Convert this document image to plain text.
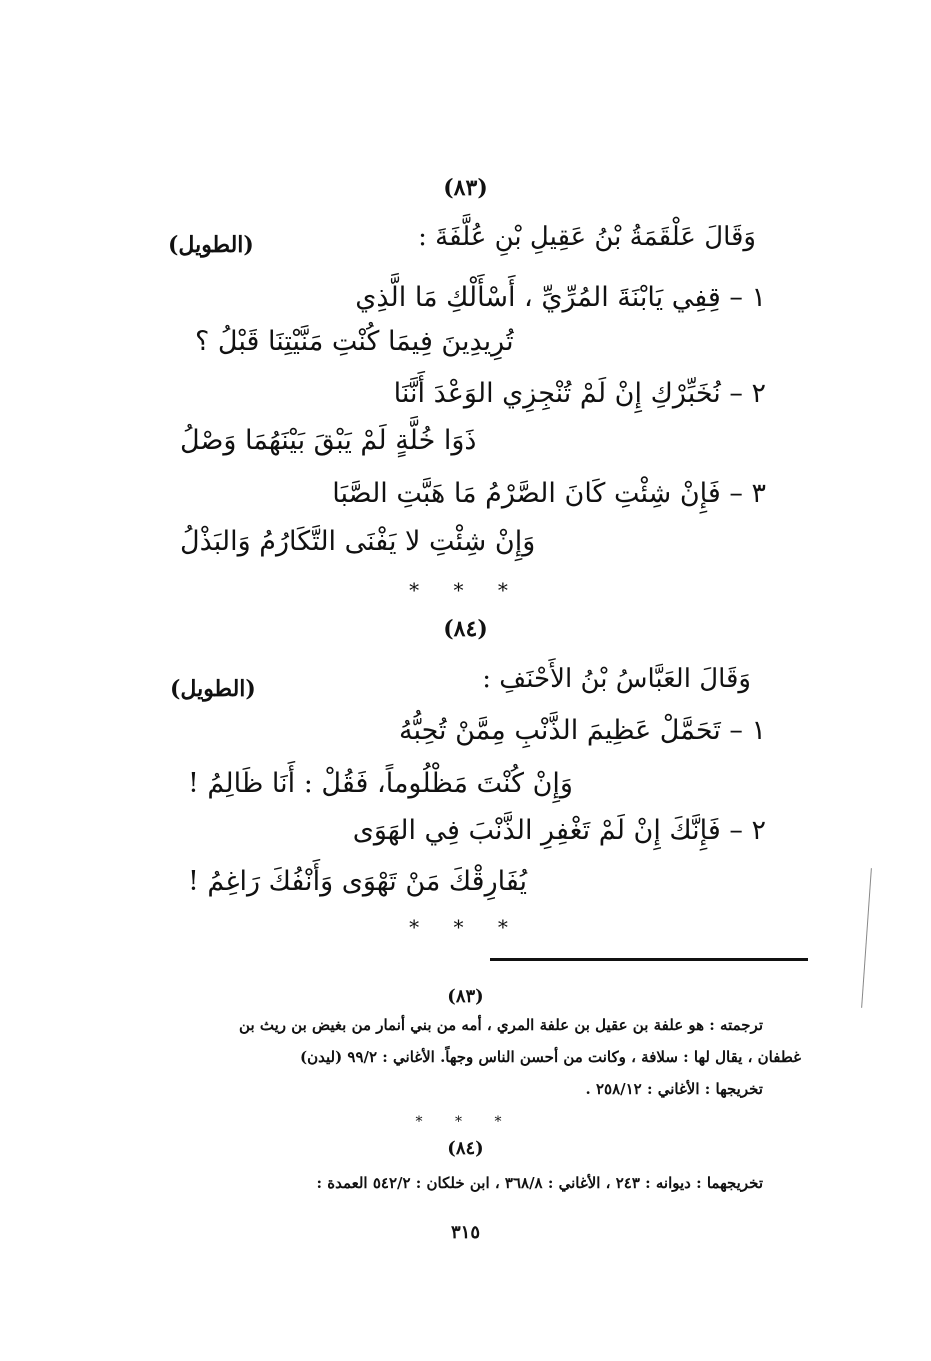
(٨٣)
وَقَالَ عَلْقَمَةُ بْنُ عَقِيلِ بْنِ عُلَّفَةَ :
(الطويل)
١ – قِفِي يَابْنَةَ المُرِّيِّ ، أَسْأَلْكِ مَا الَّذِي
تُرِيدِينَ فِيمَا كُنْتِ مَنَّيْتِنَا قَبْلُ ؟
٢ – نُخَبِّرْكِ إِنْ لَمْ تُنْجِزِي الوَعْدَ أَنَّنَا
ذَوَا خُلَّةٍ لَمْ يَبْقَ بَيْنَهُمَا وَصْلُ
٣ – فَإِنْ شِئْتِ كَانَ الصَّرْمُ مَا هَبَّتِ الصَّبَا
وَإِنْ شِئْتِ لا يَفْنَى التَّكَارُمُ وَالبَذْلُ
* * *
(٨٤)
وَقَالَ العَبَّاسُ بْنُ الأَحْنَفِ :
(الطويل)
١ – تَحَمَّلْ عَظِيمَ الذَّنْبِ مِمَّنْ تُحِبُّهُ
وَإِنْ كُنْتَ مَظْلُوماً، فَقُلْ : أَنَا ظَالِمُ !
٢ – فَإِنَّكَ إِنْ لَمْ تَغْفِرِ الذَّنْبَ فِي الهَوَى
يُفَارِقْكَ مَنْ تَهْوَى وَأَنْفُكَ رَاغِمُ !
* * *
(٨٣)
ترجمته : هو علفة بن عقيل بن علفة المري ، أمه من بني أنمار من بغيض بن ريث بن
غطفان ، يقال لها : سلافة ، وكانت من أحسن الناس وجهاً. الأغاني : ٩٩/٢ (ليدن)
تخريجها : الأغاني : ٢٥٨/١٢ .
* * *
(٨٤)
تخريجهما : ديوانه : ٢٤٣ ، الأغاني : ٣٦٨/٨ ، ابن خلكان : ٥٤٢/٢ العمدة :
٣١٥
